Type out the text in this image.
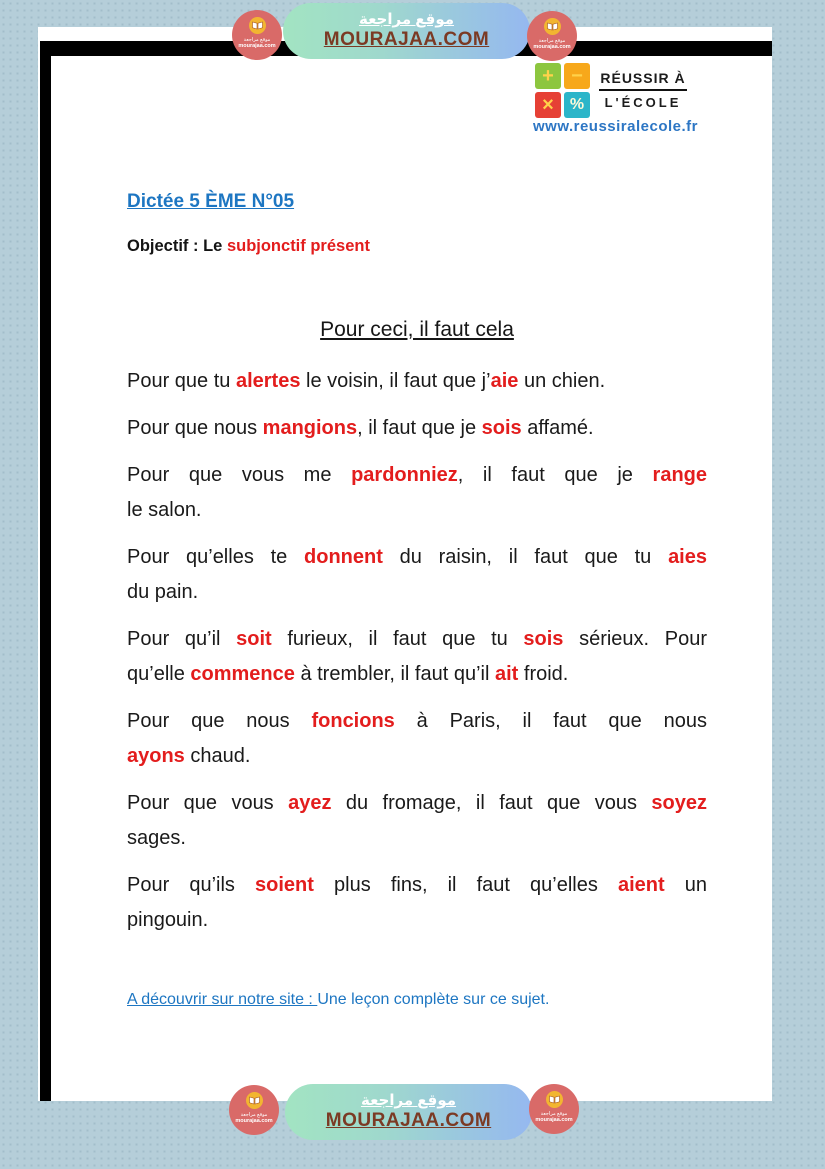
موقع مراجعة
MOURAJAA.COM
موقع مراجعة
mourajaa.com
موقع مراجعة
mourajaa.com
+ −
×	%
RÉUSSIR À
L'ÉCOLE
www.reussiralecole.fr
Dictée 5 ÈME N°05
Objectif : Le subjonctif présent
Pour ceci, il faut cela

Pour que tu alertes le voisin, il faut que j’aie un chien.

Pour que nous mangions, il faut que je sois affamé.

Pour que vous me pardonniez, il faut que je range
le salon.

Pour qu’elles te donnent du raisin, il faut que tu aies
du pain.

Pour qu’il soit furieux, il faut que tu sois sérieux. Pour
qu’elle commence à trembler, il faut qu’il ait froid.

Pour que nous foncions à Paris, il faut que nous
ayons chaud.

Pour que vous ayez du fromage, il faut que vous soyez
sages.

Pour qu’ils soient plus fins, il faut qu’elles aient un
pingouin.

A découvrir sur notre site : Une leçon complète sur ce sujet.
موقع مراجعة
MOURAJAA.COM
موقع مراجعة
mourajaa.com
موقع مراجعة
mourajaa.com
